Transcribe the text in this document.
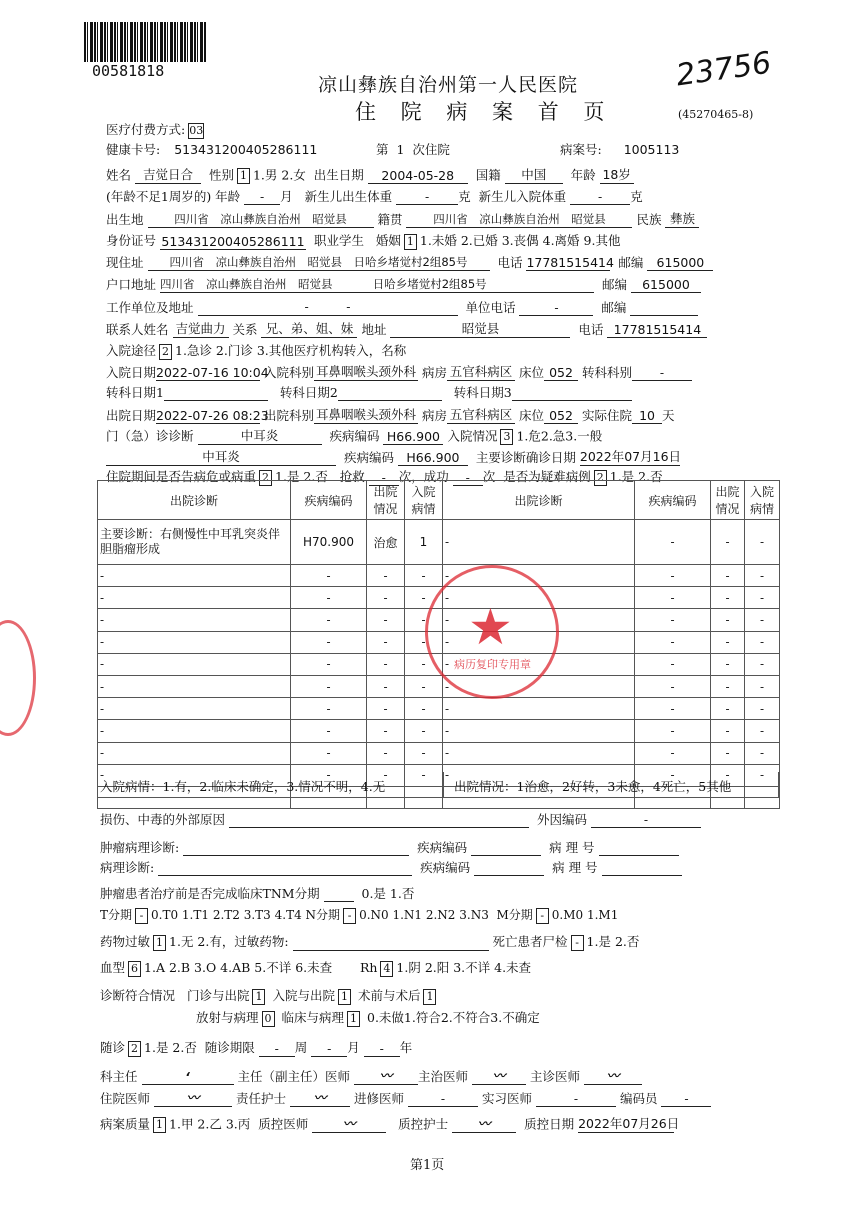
00581818	23756
凉山彝族自治州第一人民医院
住 院 病 案 首 页	(45270465-8)
医疗付费方式: 03
健康卡号: 513431200405286111	第 1 次住院	病案号: 1005113
姓名 吉觉日合 性别 1 1.男 2.女 出生日期 2004-05-28 国籍 中国 年龄 18岁
(年龄不足1周岁的) 年龄 - 月 新生儿出生体重	- 克 新生儿入院体重	- 克
出生地	四川省　凉山彝族自治州　昭觉县 籍贯	四川省　凉山彝族自治州　昭觉县 民族 彝族
身份证号 513431200405286111 职业学生 婚姻 1 1.未婚 2.已婚 3.丧偶 4.离婚 9.其他
现住址 四川省　凉山彝族自治州　昭觉县　日哈乡堵觉村2组85号 电话 17781515414 邮编 615000
户口地址 四川省　凉山彝族自治州　昭觉县	日哈乡堵觉村2组85号	邮编 615000
工作单位及地址	-　　　-	单位电话	-	邮编
联系人姓名 吉觉曲力 关系 兄、弟、姐、妹 地址	昭觉县	电话 17781515414
入院途径 2 1.急诊 2.门诊 3.其他医疗机构转入，名称
入院日期2022-07-16 10:04 入院科别 耳鼻咽喉头颈外科 病房 五官科病区 床位 052 转科科别 -
转科日期1	转科日期2	转科日期3
出院日期2022-07-26 08:23 出院科别 耳鼻咽喉头颈外科 病房 五官科病区 床位 052 实际住院 10 天
门（急）诊诊断	中耳炎	疾病编码 H66.900 入院情况 3 1.危2.急3.一般
中耳炎	疾病编码 H66.900 主要诊断确诊日期 2022年07月16日
住院期间是否告病危或病重 2 1.是 2.否 抢救 - 次，成功 - 次 是否为疑难病例 2 1.是 2.否
出院诊断	疾病编码	出院情况	入院病情	出院诊断	疾病编码	出院情况	入院病情
主要诊断：右侧慢性中耳乳突炎伴胆脂瘤形成	H70.900	治愈	1	-	-	-	-
-	-	-	-	-	-	-	-
-	-	-	-	-	-	-	-
-	-	-	-	-	-	-	-
-	-	-	-	-	-	-	-
-	-	-	-	-	-	-	-
-	-	-	-	-	-	-	-
-	-	-	-	-	-	-	-
-	-	-	-	-	-	-	-
-	-	-	-	-	-	-	-
-	-	-	-	-	-	-	-
-	-	-	-	-	-	-	-
★
病历复印专用章
入院病情：1.有，2.临床未确定，3.情况不明，4.无	出院情况：1治愈，2好转，3未愈，4死亡，5其他
损伤、中毒的外部原因	外因编码	-
肿瘤病理诊断:	疾病编码	病 理 号
病理诊断:	疾病编码	病 理 号
肿瘤患者治疗前是否完成临床TNM分期	0.是 1.否
T分期 - 0.T0 1.T1 2.T2 3.T3 4.T4 N分期 - 0.N0 1.N1 2.N2 3.N3 M分期 - 0.M0 1.M1
药物过敏 1 1.无 2.有，过敏药物:	死亡患者尸检 - 1.是 2.否
血型 6 1.A 2.B 3.O 4.AB 5.不详 6.未查 Rh 4 1.阴 2.阳 3.不详 4.未查
诊断符合情况 门诊与出院 1 入院与出院 1 术前与术后 1
放射与病理 0 临床与病理 1 0.未做1.符合2.不符合3.不确定
随诊 2 1.是 2.否 随诊期限 - 周 - 月 - 年
科主任	ʻ	主任（副主任）医师 〰 主治医师 〰 主诊医师 〰
住院医师	〰	责任护士 〰 进修医师	-	实习医师	-	编码员 -
病案质量 1 1.甲 2.乙 3.丙 质控医师	〰	质控护士 〰	质控日期 2022年07月26日
第1页
